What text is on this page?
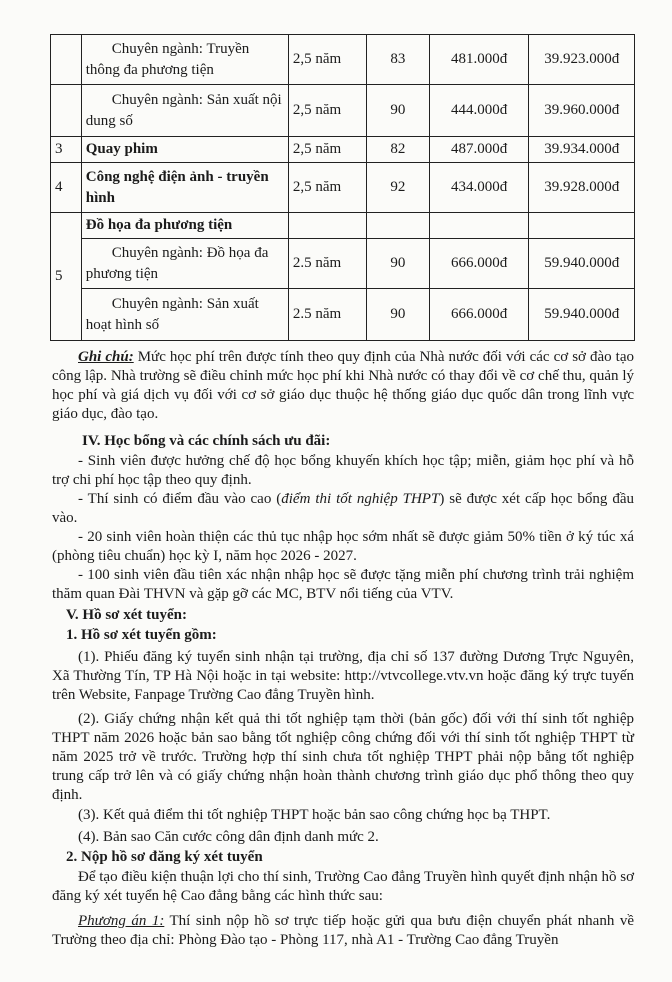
	Chuyên ngành: Truyền thông đa phương tiện	2,5 năm	83	481.000đ	39.923.000đ

	Chuyên ngành: Sản xuất nội dung số	2,5 năm	90	444.000đ	39.960.000đ
3	Quay phim	2,5 năm	82	487.000đ	39.934.000đ
4	Công nghệ điện ảnh - truyền hình	2,5 năm	92	434.000đ	39.928.000đ
5	Đồ họa đa phương tiện				

	Chuyên ngành: Đồ họa đa phương tiện	2.5 năm	90	666.000đ	59.940.000đ

	Chuyên ngành: Sản xuất hoạt hình số	2.5 năm	90	666.000đ	59.940.000đ

Ghi chú: Mức học phí trên được tính theo quy định của Nhà nước đối với các cơ sở đào tạo công lập. Nhà trường sẽ điều chỉnh mức học phí khi Nhà nước có thay đổi về cơ chế thu, quản lý học phí và giá dịch vụ đối với cơ sở giáo dục thuộc hệ thống giáo dục quốc dân trong lĩnh vực giáo dục, đào tạo.

IV. Học bổng và các chính sách ưu đãi:

- Sinh viên được hưởng chế độ học bổng khuyến khích học tập; miễn, giảm học phí và hỗ trợ chi phí học tập theo quy định.

- Thí sinh có điểm đầu vào cao (điểm thi tốt nghiệp THPT) sẽ được xét cấp học bổng đầu vào.

- 20 sinh viên hoàn thiện các thủ tục nhập học sớm nhất sẽ được giảm 50% tiền ở ký túc xá (phòng tiêu chuẩn) học kỳ I, năm học 2026 - 2027.

- 100 sinh viên đầu tiên xác nhận nhập học sẽ được tặng miễn phí chương trình trải nghiệm thăm quan Đài THVN và gặp gỡ các MC, BTV nổi tiếng của VTV.

V. Hồ sơ xét tuyển:
1. Hồ sơ xét tuyển gồm:

(1). Phiếu đăng ký tuyển sinh nhận tại trường, địa chỉ số 137 đường Dương Trực Nguyên, Xã Thường Tín, TP Hà Nội hoặc in tại website: http://vtvcollege.vtv.vn hoặc đăng ký trực tuyến trên Website, Fanpage Trường Cao đẳng Truyền hình.

(2). Giấy chứng nhận kết quả thi tốt nghiệp tạm thời (bản gốc) đối với thí sinh tốt nghiệp THPT năm 2026 hoặc bản sao bằng tốt nghiệp công chứng đối với thí sinh tốt nghiệp THPT từ năm 2025 trở về trước. Trường hợp thí sinh chưa tốt nghiệp THPT phải nộp bằng tốt nghiệp trung cấp trở lên và có giấy chứng nhận hoàn thành chương trình giáo dục phổ thông theo quy định.

(3). Kết quả điểm thi tốt nghiệp THPT hoặc bản sao công chứng học bạ THPT.

(4). Bản sao Căn cước công dân định danh mức 2.

2. Nộp hồ sơ đăng ký xét tuyển

Để tạo điều kiện thuận lợi cho thí sinh, Trường Cao đẳng Truyền hình quyết định nhận hồ sơ đăng ký xét tuyển hệ Cao đẳng bằng các hình thức sau:

Phương án 1: Thí sinh nộp hồ sơ trực tiếp hoặc gửi qua bưu điện chuyển phát nhanh về Trường theo địa chỉ: Phòng Đào tạo - Phòng 117, nhà A1 - Trường Cao đẳng Truyền
